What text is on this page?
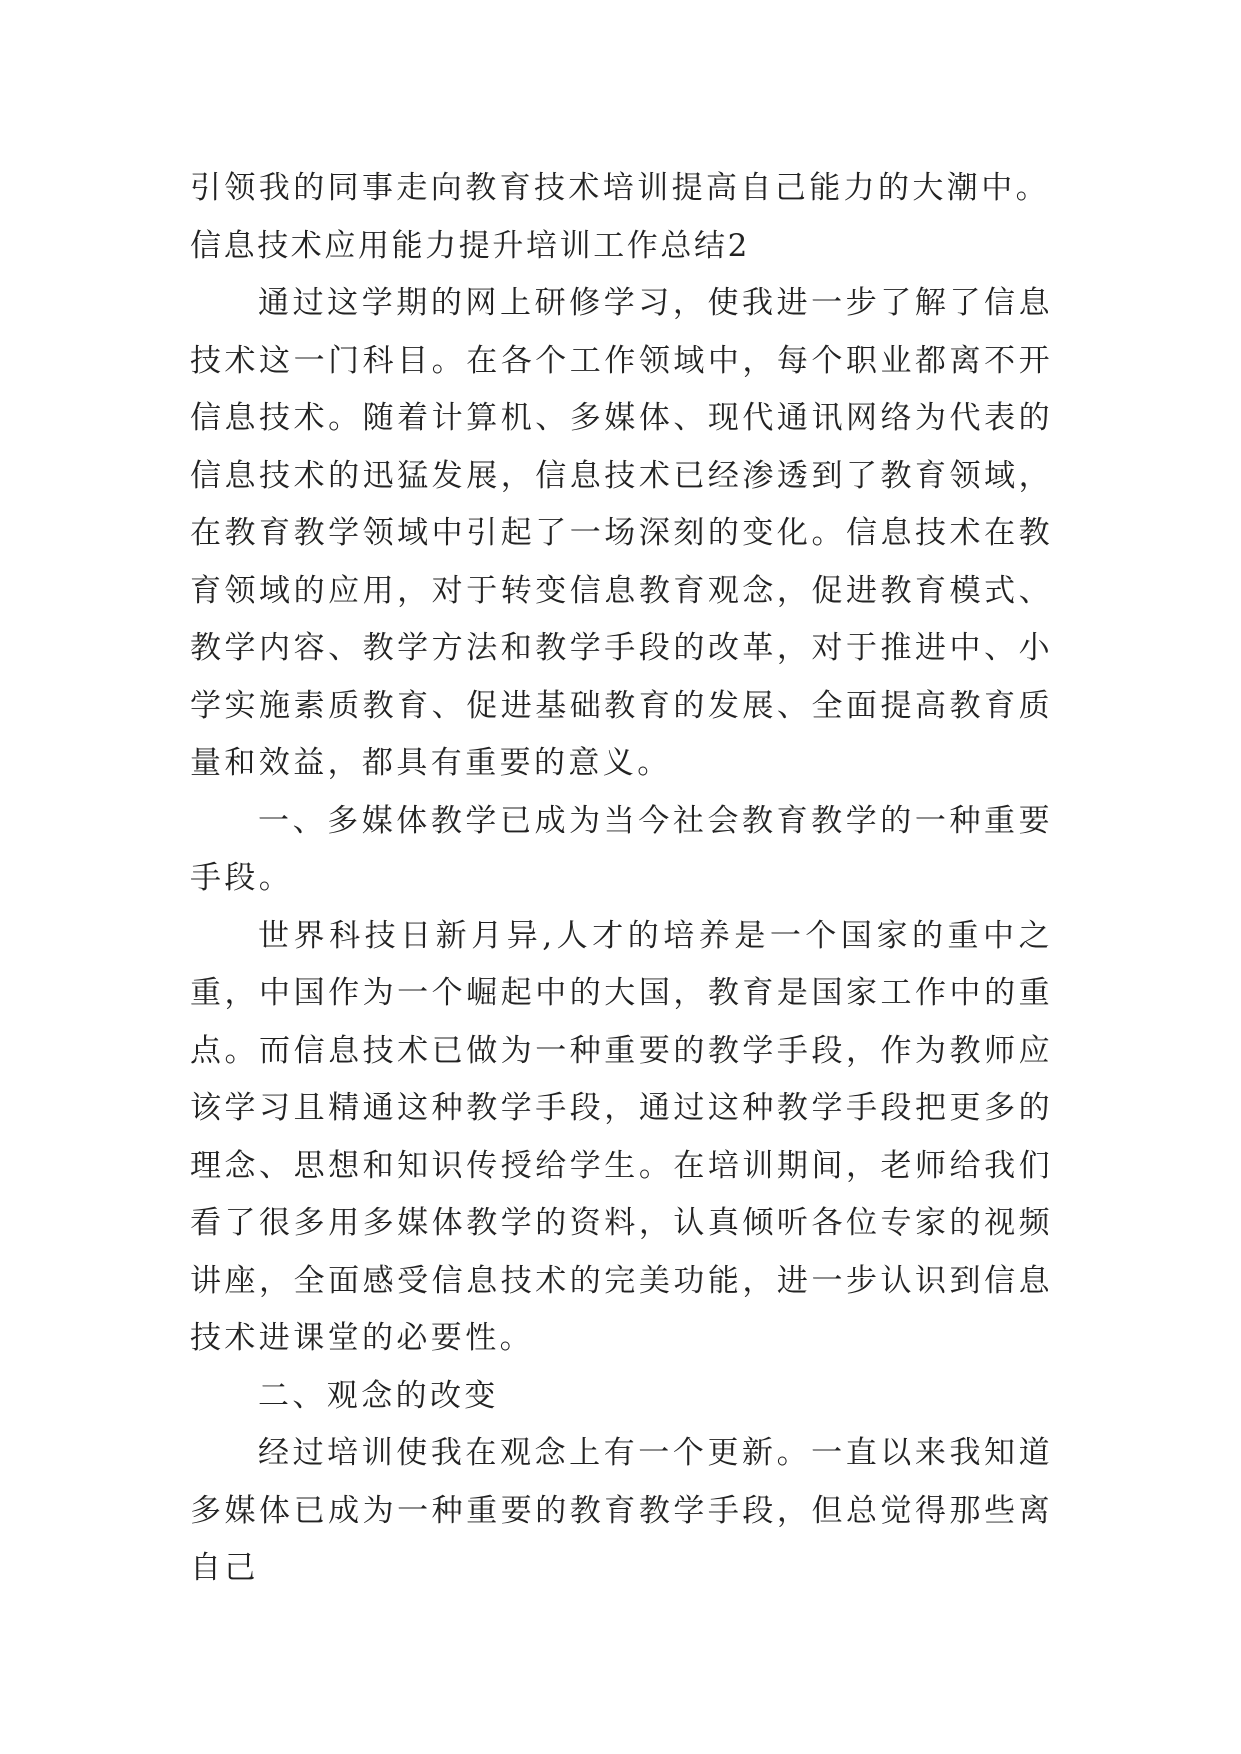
引领我的同事走向教育技术培训提高自己能力的大潮中。

信息技术应用能力提升培训工作总结2

通过这学期的网上研修学习，使我进一步了解了信息技术这一门科目。在各个工作领域中，每个职业都离不开信息技术。随着计算机、多媒体、现代通讯网络为代表的信息技术的迅猛发展，信息技术已经渗透到了教育领域，在教育教学领域中引起了一场深刻的变化。信息技术在教育领域的应用，对于转变信息教育观念，促进教育模式、教学内容、教学方法和教学手段的改革，对于推进中、小学实施素质教育、促进基础教育的发展、全面提高教育质量和效益，都具有重要的意义。

一、多媒体教学已成为当今社会教育教学的一种重要手段。

世界科技日新月异,人才的培养是一个国家的重中之重，中国作为一个崛起中的大国，教育是国家工作中的重点。而信息技术已做为一种重要的教学手段，作为教师应该学习且精通这种教学手段，通过这种教学手段把更多的理念、思想和知识传授给学生。在培训期间，老师给我们看了很多用多媒体教学的资料，认真倾听各位专家的视频讲座，全面感受信息技术的完美功能，进一步认识到信息技术进课堂的必要性。

二、观念的改变

经过培训使我在观念上有一个更新。一直以来我知道多媒体已成为一种重要的教育教学手段，但总觉得那些离自己
